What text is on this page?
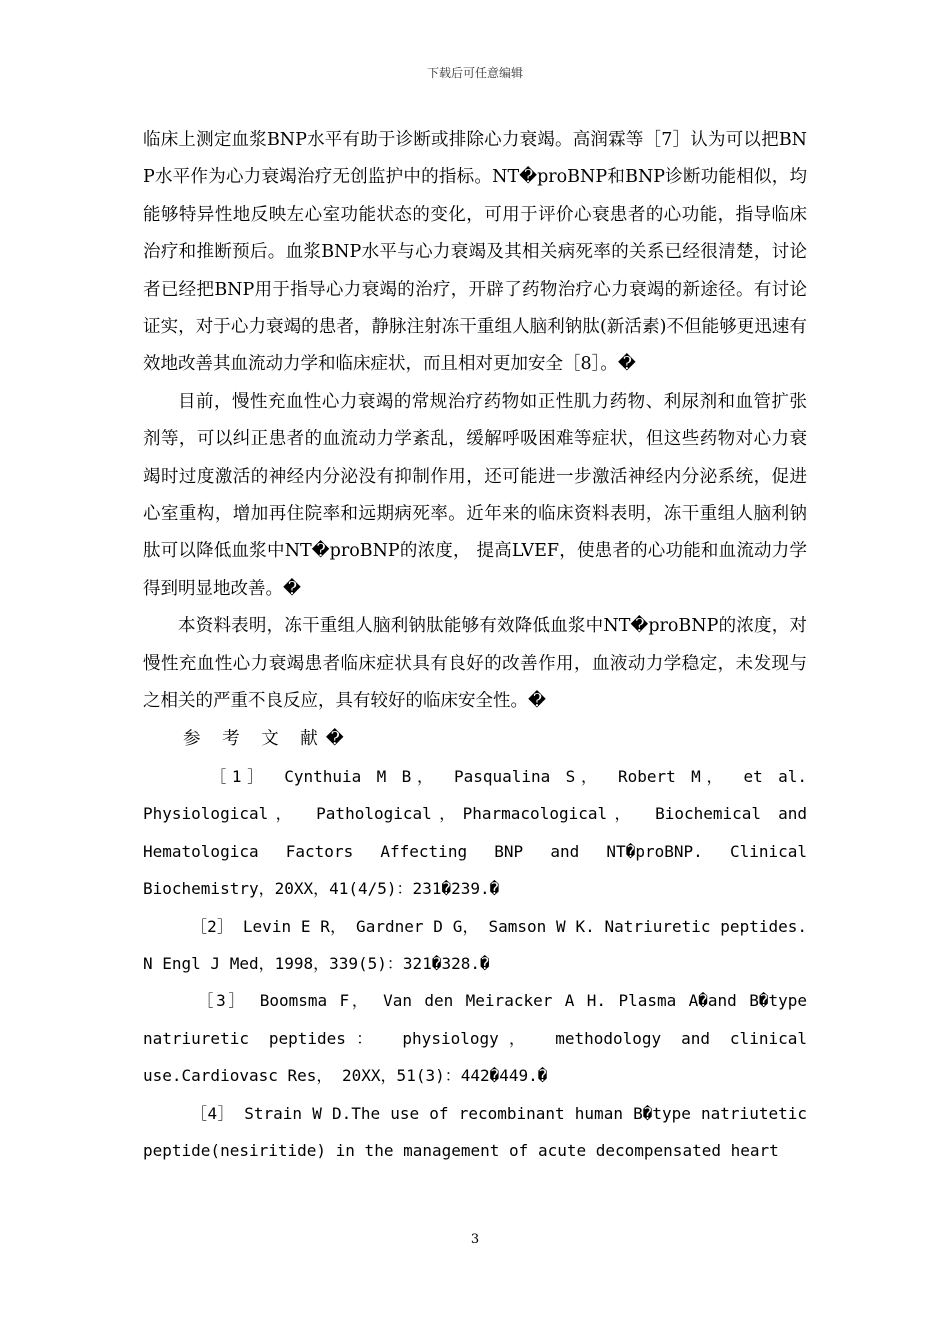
下载后可任意编辑

临床上测定血浆BNP水平有助于诊断或排除心力衰竭。高润霖等［7］认为可以把BNP水平作为心力衰竭治疗无创监护中的指标。NT�proBNP和BNP诊断功能相似，均能够特异性地反映左心室功能状态的变化，可用于评价心衰患者的心功能，指导临床治疗和推断预后。血浆BNP水平与心力衰竭及其相关病死率的关系已经很清楚，讨论者已经把BNP用于指导心力衰竭的治疗，开辟了药物治疗心力衰竭的新途径。有讨论证实，对于心力衰竭的患者，静脉注射冻干重组人脑利钠肽(新活素)不但能够更迅速有效地改善其血流动力学和临床症状，而且相对更加安全［8］。�

目前，慢性充血性心力衰竭的常规治疗药物如正性肌力药物、利尿剂和血管扩张剂等，可以纠正患者的血流动力学紊乱，缓解呼吸困难等症状，但这些药物对心力衰竭时过度激活的神经内分泌没有抑制作用，还可能进一步激活神经内分泌系统，促进心室重构，增加再住院率和远期病死率。近年来的临床资料表明，冻干重组人脑利钠肽可以降低血浆中NT�proBNP的浓度， 提高LVEF，使患者的心功能和血流动力学得到明显地改善。�

本资料表明，冻干重组人脑利钠肽能够有效降低血浆中NT�proBNP的浓度，对慢性充血性心力衰竭患者临床症状具有良好的改善作用，血液动力学稳定，未发现与之相关的严重不良反应，具有较好的临床安全性。�

参 考 文 献�

［1］ Cynthuia M B， Pasqualina S， Robert M， et al. Physiological， Pathological，Pharmacological， Biochemical and Hematologica Factors Affecting BNP and NT�proBNP. Clinical Biochemistry，20XX，41(4/5)：231�239.�

［2］ Levin E R， Gardner D G， Samson W K. Natriuretic peptides. N Engl J Med，1998，339(5)：321�328.�

［3］ Boomsma F， Van den Meiracker A H. Plasma A�and B�type natriuretic peptides： physiology， methodology and clinical use.Cardiovasc Res， 20XX，51(3)：442�449.�

［4］ Strain W D.The use of recombinant human B�type natriutetic peptide(nesiritide) in the management of acute decompensated heart

3
